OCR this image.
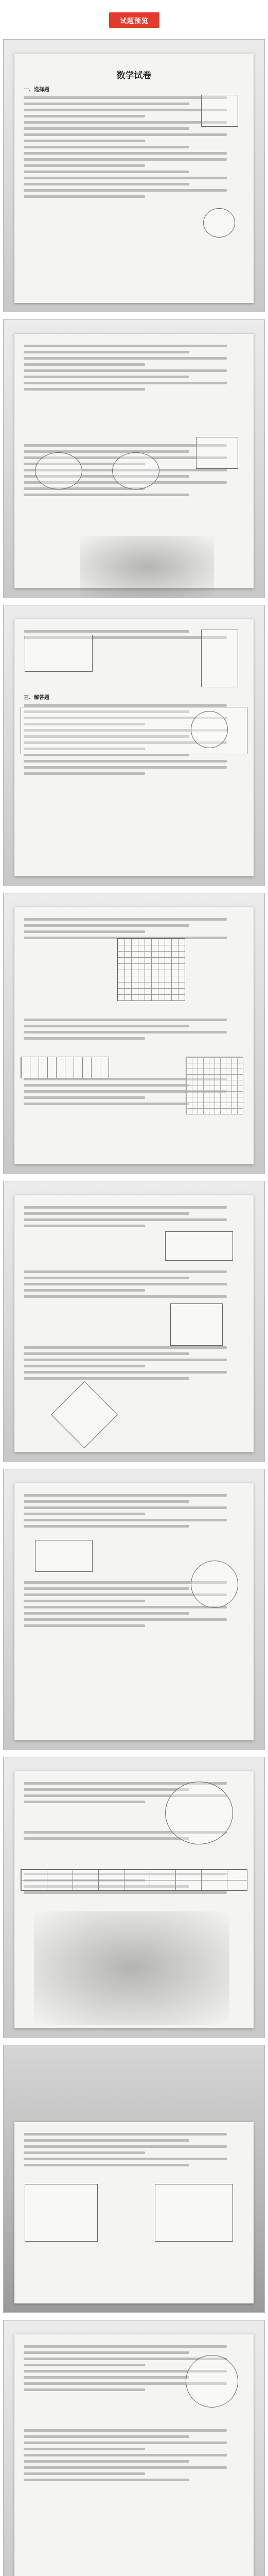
试题预览
数学试卷
一、选择题
三、解答题
